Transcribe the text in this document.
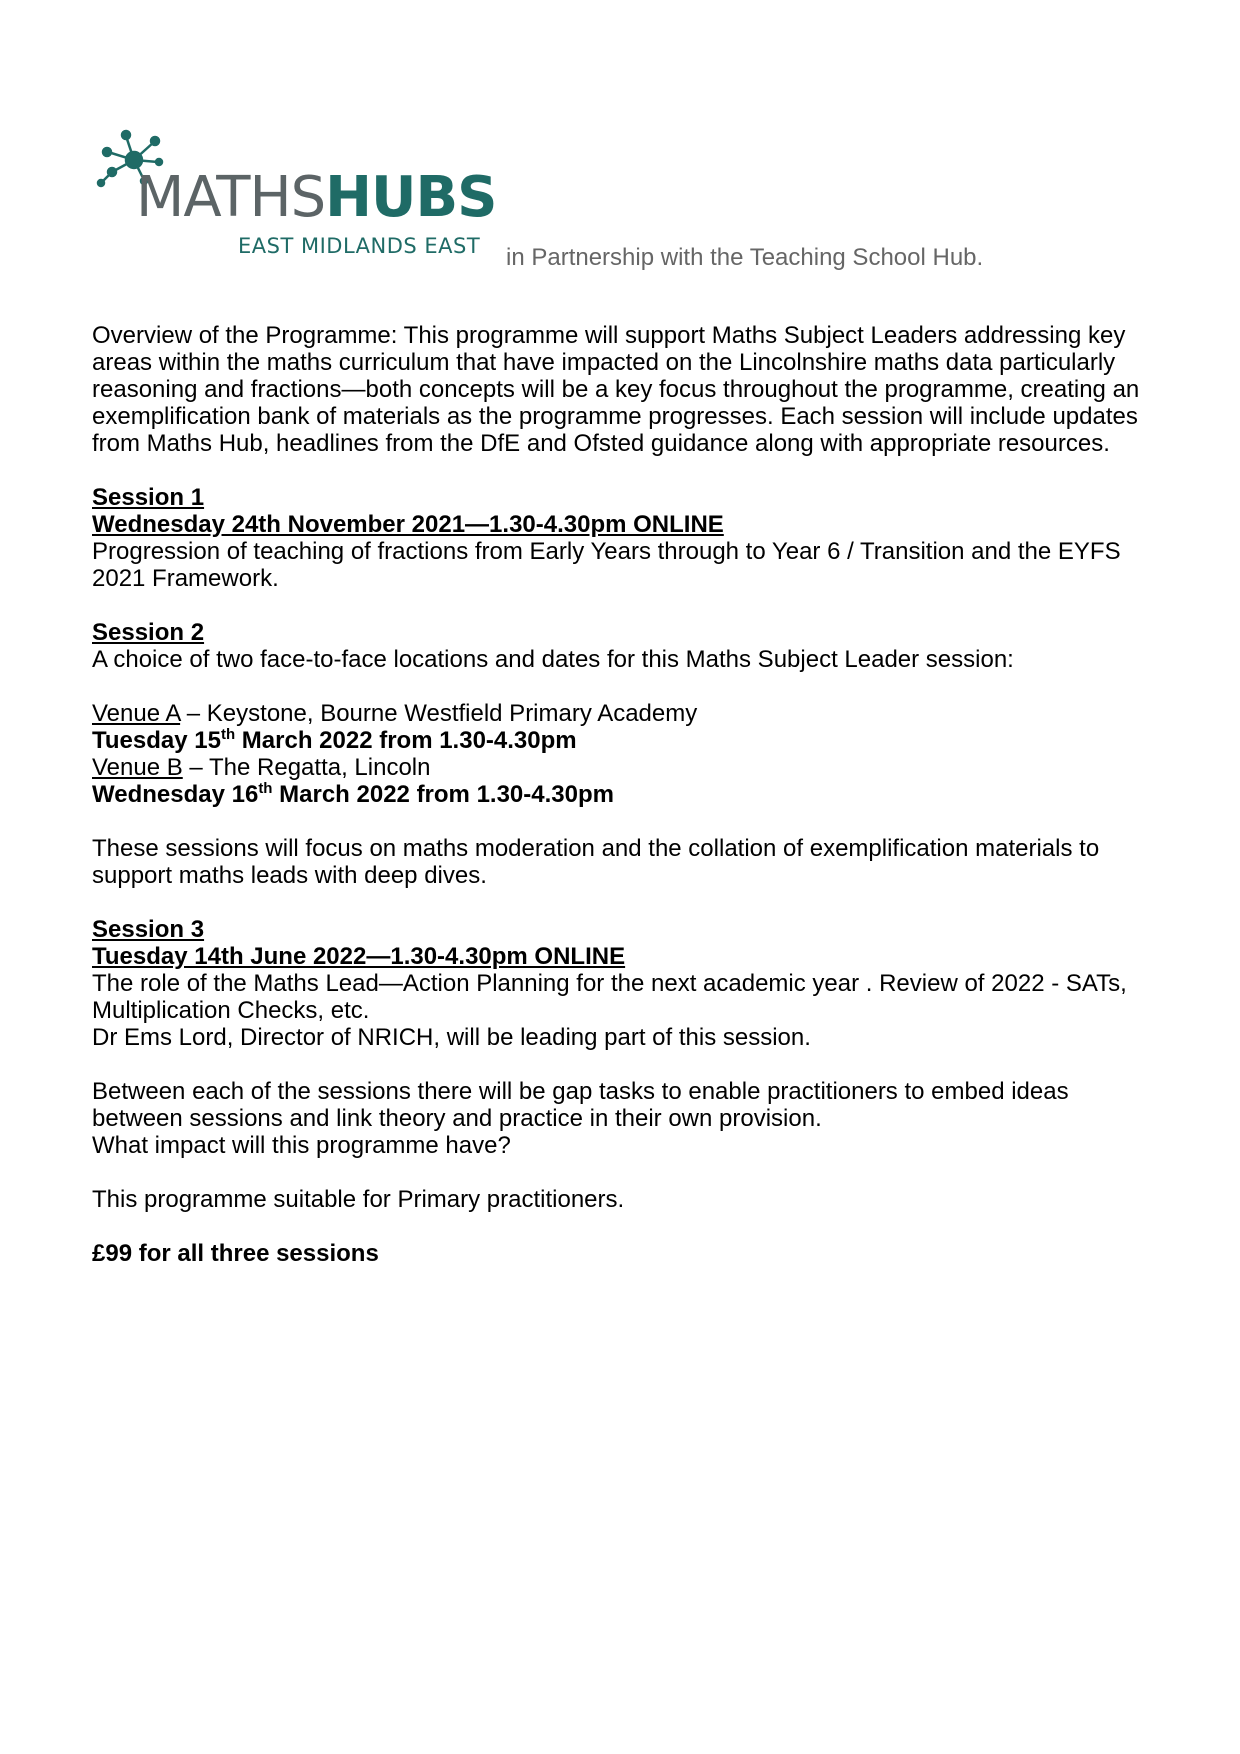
MATHSHUBS
EAST MIDLANDS EAST in Partnership with the Teaching School Hub.

Overview of the Programme: This programme will support Maths Subject Leaders addressing key areas within the maths curriculum that have impacted on the Lincolnshire maths data particularly reasoning and fractions—both concepts will be a key focus throughout the programme, creating an exemplification bank of materials as the programme progresses. Each session will include updates from Maths Hub, headlines from the DfE and Ofsted guidance along with appropriate resources.

Session 1

Wednesday 24th November 2021—1.30-4.30pm ONLINE

Progression of teaching of fractions from Early Years through to Year 6 / Transition and the EYFS 2021 Framework.

Session 2

A choice of two face-to-face locations and dates for this Maths Subject Leader session:

Venue A – Keystone, Bourne Westfield Primary Academy

Tuesday 15th March 2022 from 1.30-4.30pm

Venue B – The Regatta, Lincoln

Wednesday 16th March 2022 from 1.30-4.30pm

These sessions will focus on maths moderation and the collation of exemplification materials to support maths leads with deep dives.

Session 3

Tuesday 14th June 2022—1.30-4.30pm ONLINE

The role of the Maths Lead—Action Planning for the next academic year . Review of 2022 - SATs, Multiplication Checks, etc.

Dr Ems Lord, Director of NRICH, will be leading part of this session.

Between each of the sessions there will be gap tasks to enable practitioners to embed ideas between sessions and link theory and practice in their own provision.

What impact will this programme have?

This programme suitable for Primary practitioners.

£99 for all three sessions
